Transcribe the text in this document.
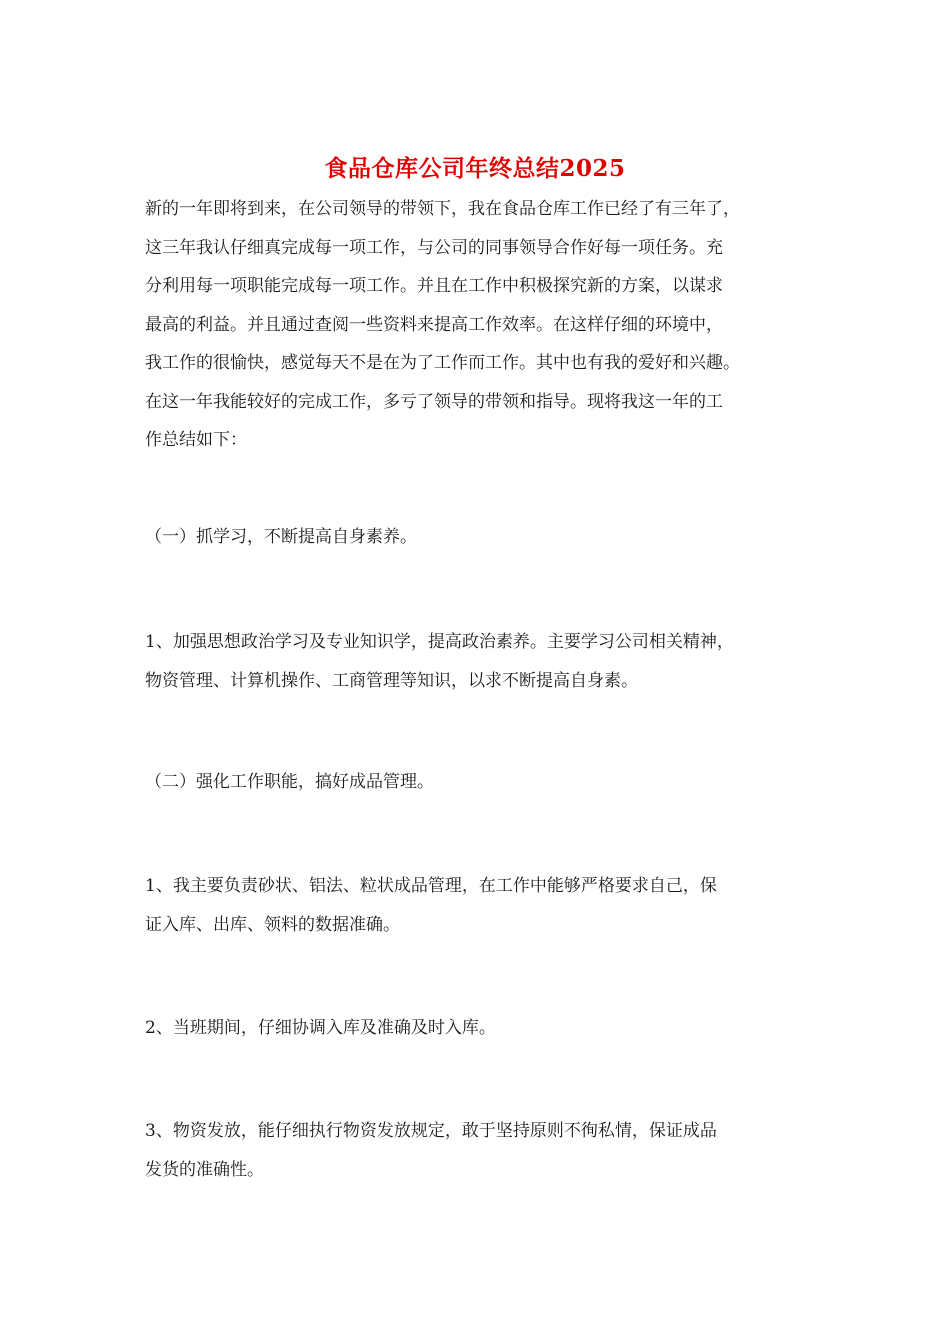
食品仓库公司年终总结2025

新的一年即将到来，在公司领导的带领下，我在食品仓库工作已经了有三年了，
这三年我认仔细真完成每一项工作，与公司的同事领导合作好每一项任务。充
分利用每一项职能完成每一项工作。并且在工作中积极探究新的方案，以谋求
最高的利益。并且通过查阅一些资料来提高工作效率。在这样仔细的环境中，
我工作的很愉快，感觉每天不是在为了工作而工作。其中也有我的爱好和兴趣。
在这一年我能较好的完成工作，多亏了领导的带领和指导。现将我这一年的工
作总结如下：

（一）抓学习，不断提高自身素养。

1、加强思想政治学习及专业知识学，提高政治素养。主要学习公司相关精神，
物资管理、计算机操作、工商管理等知识，以求不断提高自身素。

（二）强化工作职能，搞好成品管理。

1、我主要负责砂状、铝法、粒状成品管理，在工作中能够严格要求自己，保
证入库、出库、领料的数据准确。

2、当班期间，仔细协调入库及准确及时入库。

3、物资发放，能仔细执行物资发放规定，敢于坚持原则不徇私情，保证成品
发货的准确性。
